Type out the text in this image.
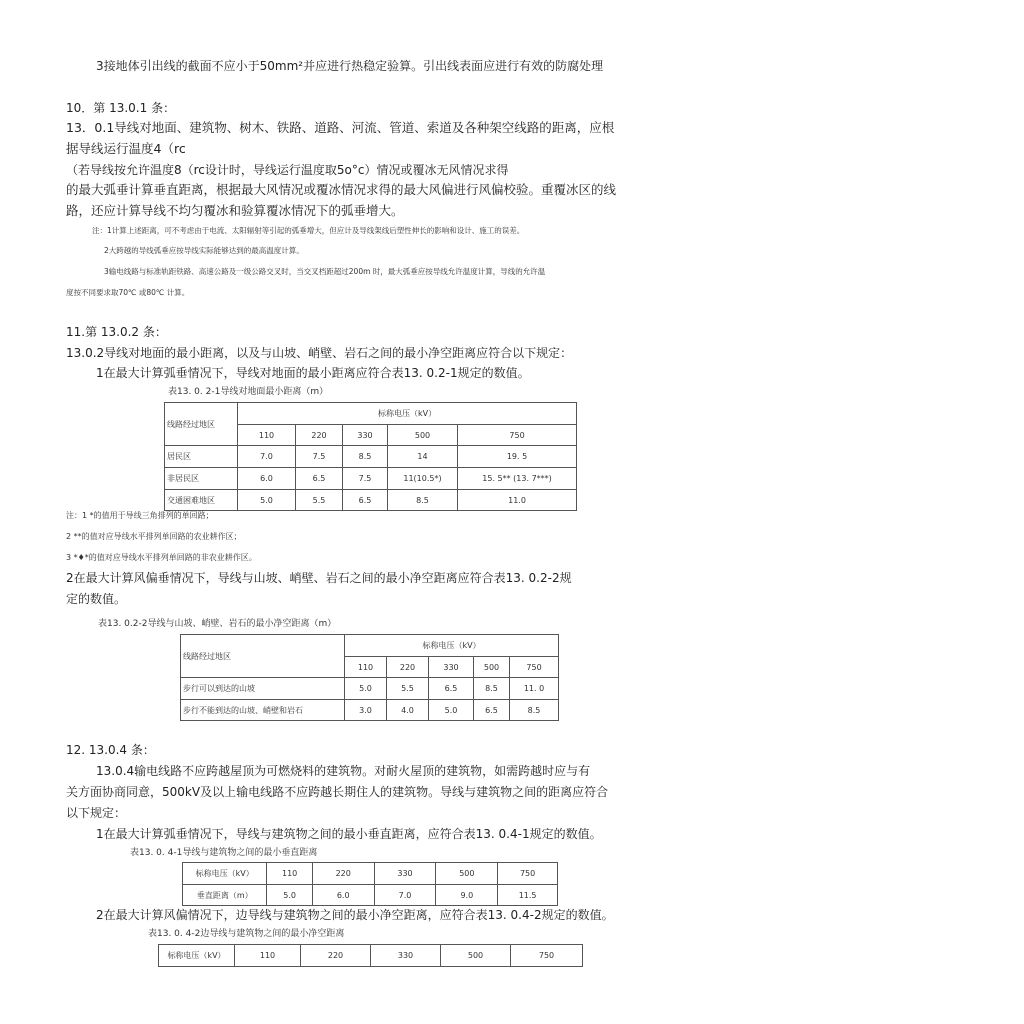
3接地体引出线的截面不应小于50mm²并应进行热稳定验算。引出线表面应进行有效的防腐处理
10．第 13.0.1 条：
13．0.1导线对地面、建筑物、树木、铁路、道路、河流、管道、索道及各种架空线路的距离，应根
据导线运行温度4（rc
（若导线按允许温度8（rc设计时，导线运行温度取5o°c）情况或覆冰无风情况求得
的最大弧垂计算垂直距离，根据最大风情况或覆冰情况求得的最大风偏进行风偏校验。重覆冰区的线
路，还应计算导线不均匀覆冰和验算覆冰情况下的弧垂增大。
注：1计算上述距离，可不考虑由于电流、太阳辐射等引起的弧垂增大，但应计及导线架线后塑性伸长的影响和设计、施工的误差。
2大跨越的导线弧垂应按导线实际能够达到的最高温度计算。
3输电线路与标准轨距铁路、高速公路及一级公路交叉时，当交叉档距超过200m 时，最大弧垂应按导线允许温度计算，导线的允许温
度按不同要求取70℃ 或80℃ 计算。
11.第 13.0.2 条：
13.0.2导线对地面的最小距离，以及与山坡、峭壁、岩石之间的最小净空距离应符合以下规定：
1在最大计算弧垂情况下，导线对地面的最小距离应符合表13. 0.2-1规定的数值。
表13. 0. 2-1导线对地面最小距离（m）
线路经过地区	标称电压（kV）				
	110	220	330	500	750
居民区	7.0	7.5	8.5	14	19. 5
非居民区	6.0	6.5	7.5	11(10.5*)	15. 5** (13. 7***)
交通困难地区	5.0	5.5	6.5	8.5	11.0
注：1 *的值用于导线三角排列的单回路；
2 **的值对应导线水平排列单回路的农业耕作区；
3 *♦*的值对应导线水平排列单回路的非农业耕作区。
2在最大计算风偏垂情况下，导线与山坡、峭壁、岩石之间的最小净空距离应符合表13. 0.2-2规
定的数值。
表13. 0.2-2导线与山坡、峭壁、岩石的最小净空距离（m）
线路经过地区	标称电压（kV）				
	110	220	330	500	750
步行可以到达的山坡	5.0	5.5	6.5	8.5	11. 0
步行不能到达的山坡、峭壁和岩石	3.0	4.0	5.0	6.5	8.5
12. 13.0.4 条：
13.0.4输电线路不应跨越屋顶为可燃烧料的建筑物。对耐火屋顶的建筑物，如需跨越时应与有
关方面协商同意，500kV及以上输电线路不应跨越长期住人的建筑物。导线与建筑物之间的距离应符合
以下规定：
1在最大计算弧垂情况下，导线与建筑物之间的最小垂直距离，应符合表13. 0.4-1规定的数值。
表13. 0. 4-1导线与建筑物之间的最小垂直距离
标称电压（kV）	110	220	330	500	750
垂直距离（m）	5.0	6.0	7.0	9.0	11.5
2在最大计算风偏情况下，边导线与建筑物之间的最小净空距离，应符合表13. 0.4-2规定的数值。
表13. 0. 4-2边导线与建筑物之间的最小净空距离
标称电压（kV）	110	220	330	500	750
